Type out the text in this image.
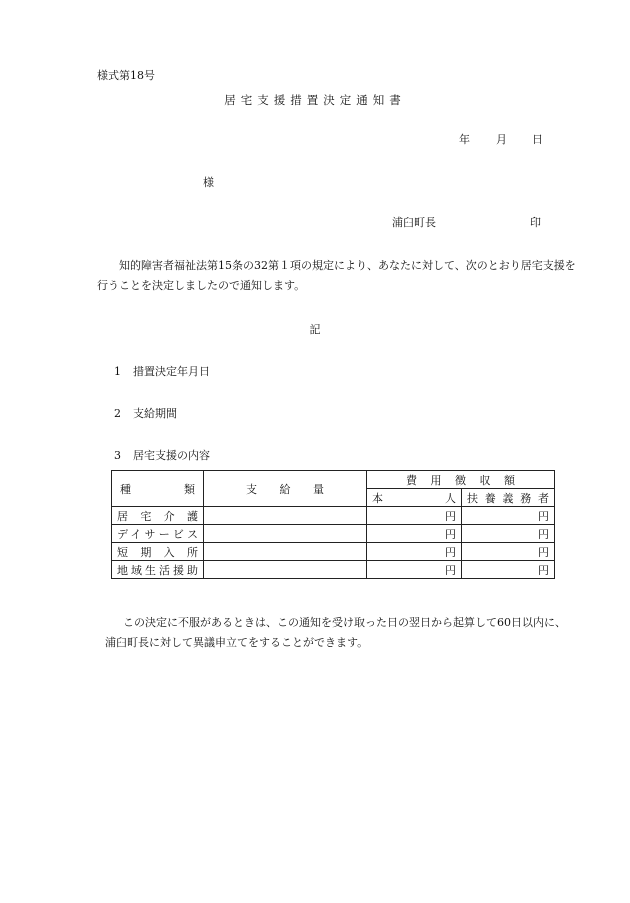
様式第18号
居宅支援措置決定通知書
年 月 日
様
浦臼町長	印
知的障害者福祉法第15条の32第１項の規定により、あなたに対して、次のとおり居宅支援を行うことを決定しましたので通知します。
記
1 措置決定年月日
2 支給期間
3 居宅支援の内容
種類	支給量	費用徴収額	

		本人	扶養義務者

居宅介護		円	円

デイサービス		円	円

短期入所		円	円

地域生活援助		円	円
この決定に不服があるときは、この通知を受け取った日の翌日から起算して60日以内に、浦臼町長に対して異議申立てをすることができます。
